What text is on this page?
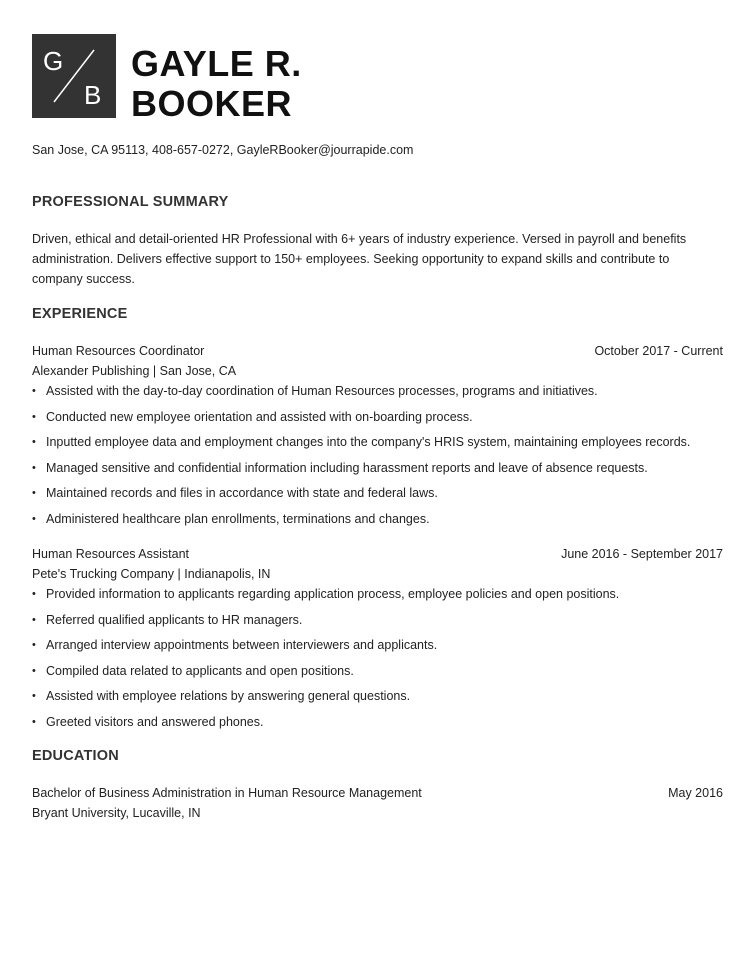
G
B
GAYLE R.
BOOKER
San Jose, CA 95113, 408-657-0272, GayleRBooker@jourrapide.com
PROFESSIONAL SUMMARY
Driven, ethical and detail-oriented HR Professional with 6+ years of industry experience. Versed in payroll and benefits administration. Delivers effective support to 150+ employees. Seeking opportunity to expand skills and contribute to company success.
EXPERIENCE
Human Resources Coordinator	October 2017 - Current
Alexander Publishing | San Jose, CA
• Assisted with the day-to-day coordination of Human Resources processes, programs and initiatives.
• Conducted new employee orientation and assisted with on-boarding process.
• Inputted employee data and employment changes into the company's HRIS system, maintaining employees records.
• Managed sensitive and confidential information including harassment reports and leave of absence requests.
• Maintained records and files in accordance with state and federal laws.
• Administered healthcare plan enrollments, terminations and changes.
Human Resources Assistant	June 2016 - September 2017
Pete's Trucking Company | Indianapolis, IN
• Provided information to applicants regarding application process, employee policies and open positions.
• Referred qualified applicants to HR managers.
• Arranged interview appointments between interviewers and applicants.
• Compiled data related to applicants and open positions.
• Assisted with employee relations by answering general questions.
• Greeted visitors and answered phones.
EDUCATION
Bachelor of Business Administration in Human Resource Management	May 2016
Bryant University, Lucaville, IN
